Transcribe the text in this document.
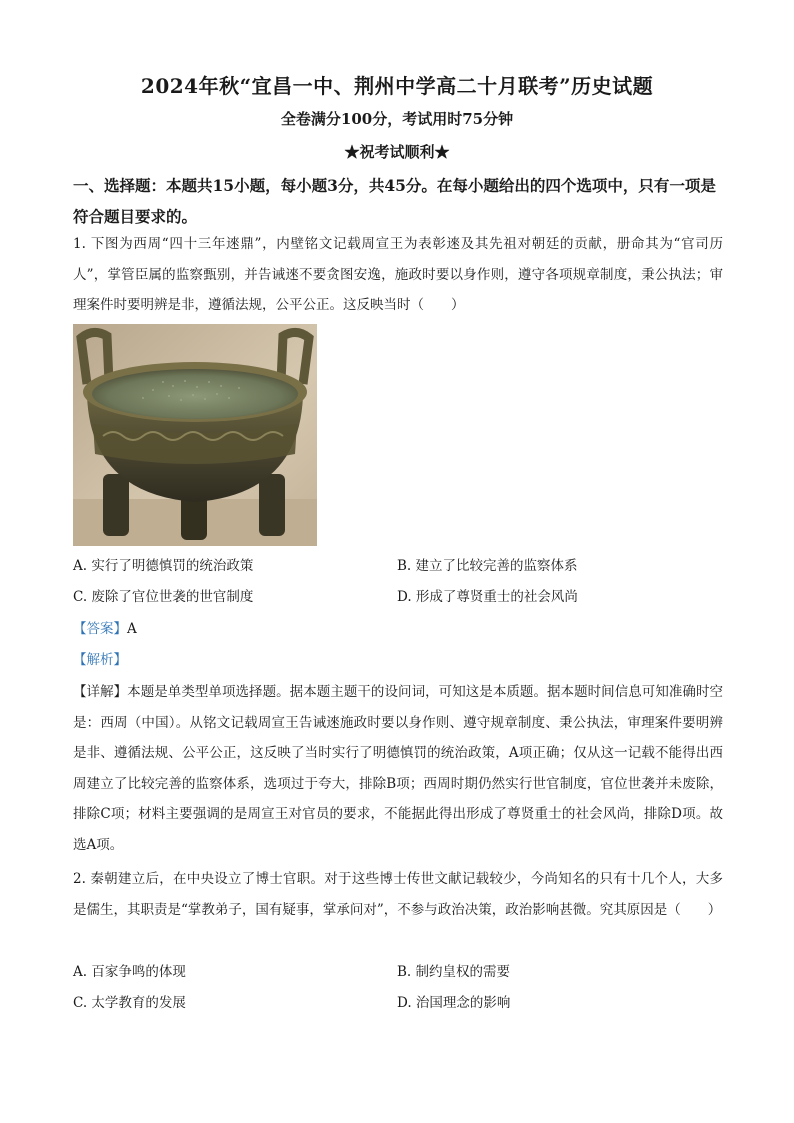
2024年秋“宜昌一中、荆州中学高二十月联考”历史试题
全卷满分100分，考试用时75分钟
★祝考试顺利★
一、选择题：本题共15小题，每小题3分，共45分。在每小题给出的四个选项中，只有一项是符合题目要求的。
1. 下图为西周“四十三年逨鼎”，内壁铭文记载周宣王为表彰逨及其先祖对朝廷的贡献，册命其为“官司历人”，掌管臣属的监察甄别，并告诫逨不要贪图安逸，施政时要以身作则，遵守各项规章制度，秉公执法；审理案件时要明辨是非，遵循法规，公平公正。这反映当时（　　）
A. 实行了明德慎罚的统治政策	B. 建立了比较完善的监察体系
C. 废除了官位世袭的世官制度	D. 形成了尊贤重士的社会风尚
【答案】A
【解析】
【详解】本题是单类型单项选择题。据本题主题干的设问词，可知这是本质题。据本题时间信息可知准确时空是：西周（中国）。从铭文记载周宣王告诫逨施政时要以身作则、遵守规章制度、秉公执法，审理案件要明辨是非、遵循法规、公平公正，这反映了当时实行了明德慎罚的统治政策，A项正确；仅从这一记载不能得出西周建立了比较完善的监察体系，选项过于夸大，排除B项；西周时期仍然实行世官制度，官位世袭并未废除，排除C项；材料主要强调的是周宣王对官员的要求，不能据此得出形成了尊贤重士的社会风尚，排除D项。故选A项。
2. 秦朝建立后，在中央设立了博士官职。对于这些博士传世文献记载较少，今尚知名的只有十几个人，大多是儒生，其职责是“掌教弟子，国有疑事，掌承问对”，不参与政治决策，政治影响甚微。究其原因是（　　）
A. 百家争鸣的体现	B. 制约皇权的需要
C. 太学教育的发展	D. 治国理念的影响
